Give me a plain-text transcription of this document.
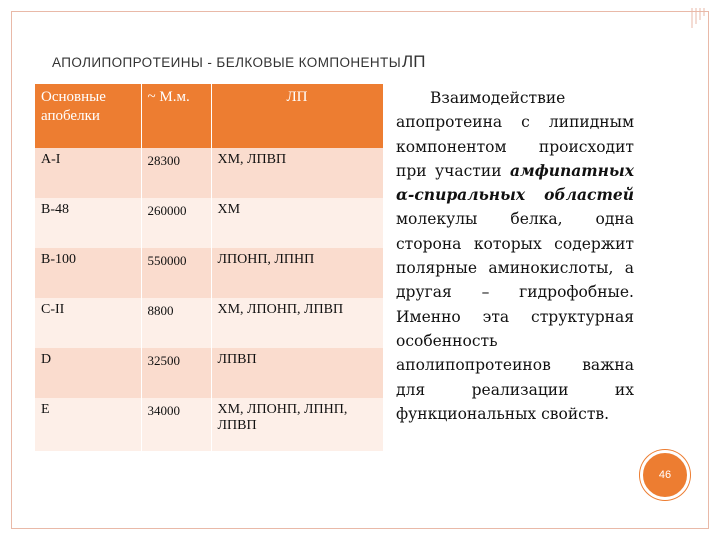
АПОЛИПОПРОТЕИНЫ - БЕЛКОВЫЕ КОМПОНЕНТЫЛП
Основные апобелки	~ М.м.	ЛП
A-I	28300	ХМ, ЛПВП
B-48	260000	ХМ
B-100	550000	ЛПОНП, ЛПНП
C-II	8800	ХМ, ЛПОНП, ЛПВП
D	32500	ЛПВП
E	34000	ХМ, ЛПОНП, ЛПНП, ЛПВП
Взаимодействие апопротеина с липидным компонентом происходит при участии амфипатных α-спиральных областей молекулы белка, одна сторона которых содержит полярные аминокислоты, а другая – гидрофобные. Именно эта структурная особенность аполипопротеинов важна для реализации их функциональных свойств.
46
